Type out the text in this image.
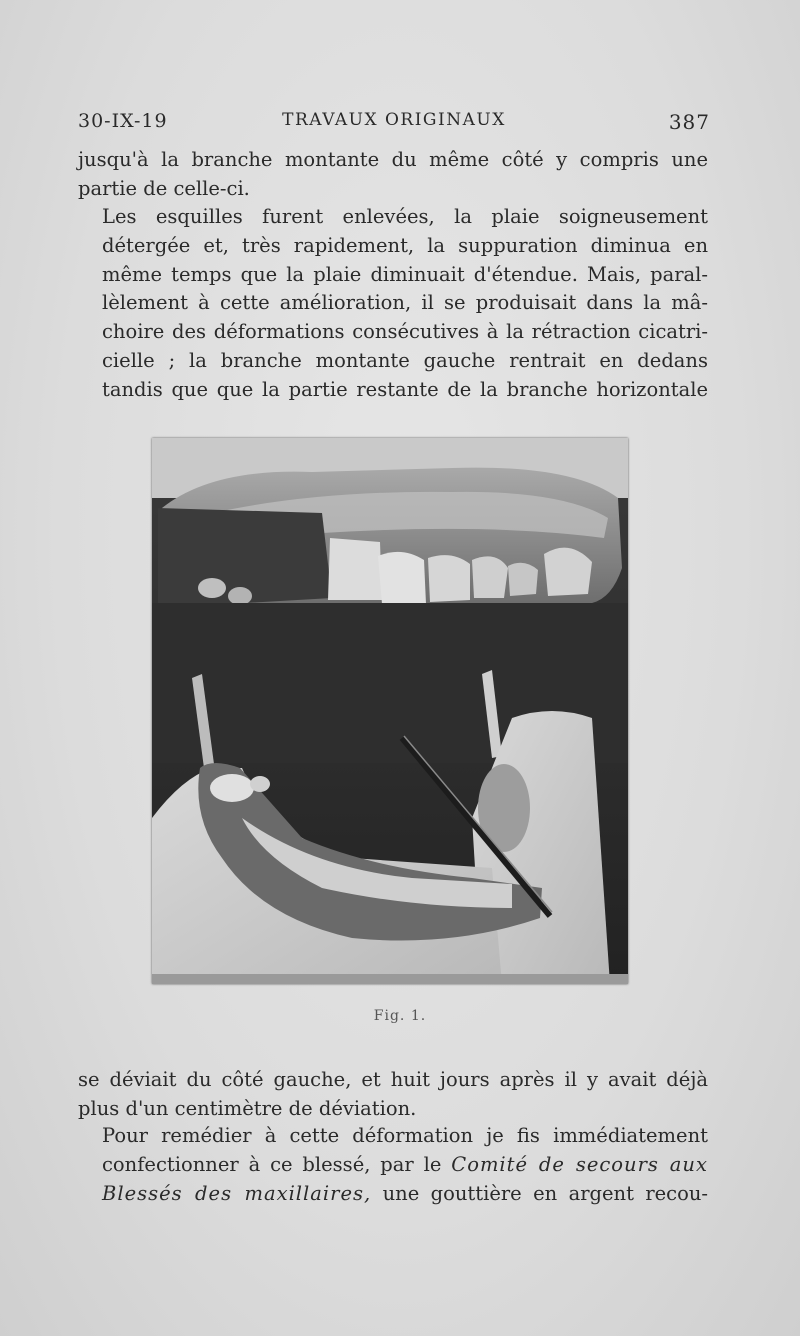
30-IX-19	TRAVAUX ORIGINAUX	387
jusqu'à la branche montante du même côté y compris une
partie de celle-ci.
Les esquilles furent enlevées, la plaie soigneusement
détergée et, très rapidement, la suppuration diminua en
même temps que la plaie diminuait d'étendue. Mais, paral-
lèlement à cette amélioration, il se produisait dans la mâ-
choire des déformations consécutives à la rétraction cicatri-
cielle ; la branche montante gauche rentrait en dedans
tandis que que la partie restante de la branche horizontale
Fig. 1.
se déviait du côté gauche, et huit jours après il y avait déjà
plus d'un centimètre de déviation.
Pour remédier à cette déformation je fis immédiatement
confectionner à ce blessé, par le Comité de secours aux
Blessés des maxillaires, une gouttière en argent recou-
